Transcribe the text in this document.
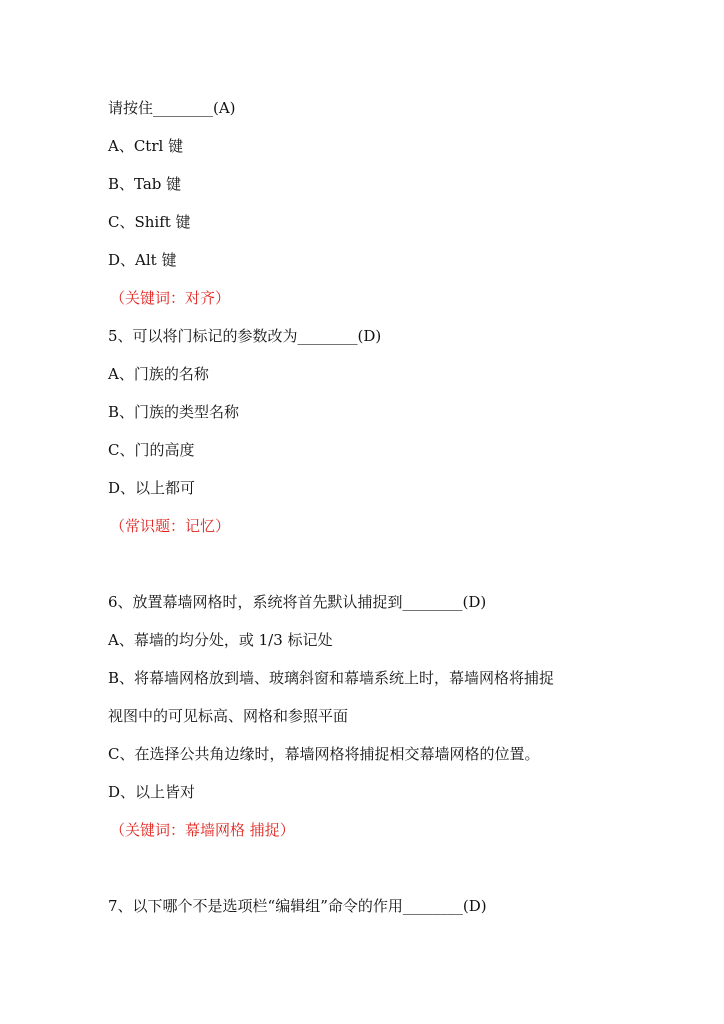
请按住________(A)
A、Ctrl 键
B、Tab 键
C、Shift 键
D、Alt 键
（关键词：对齐）
5、可以将门标记的参数改为________(D)
A、门族的名称
B、门族的类型名称
C、门的高度
D、以上都可
（常识题：记忆）
6、放置幕墙网格时，系统将首先默认捕捉到________(D)
A、幕墙的均分处，或 1/3 标记处
B、将幕墙网格放到墙、玻璃斜窗和幕墙系统上时，幕墙网格将捕捉
视图中的可见标高、网格和参照平面
C、在选择公共角边缘时，幕墙网格将捕捉相交幕墙网格的位置。
D、以上皆对
（关键词：幕墙网格 捕捉）
7、以下哪个不是选项栏“编辑组”命令的作用________(D)
